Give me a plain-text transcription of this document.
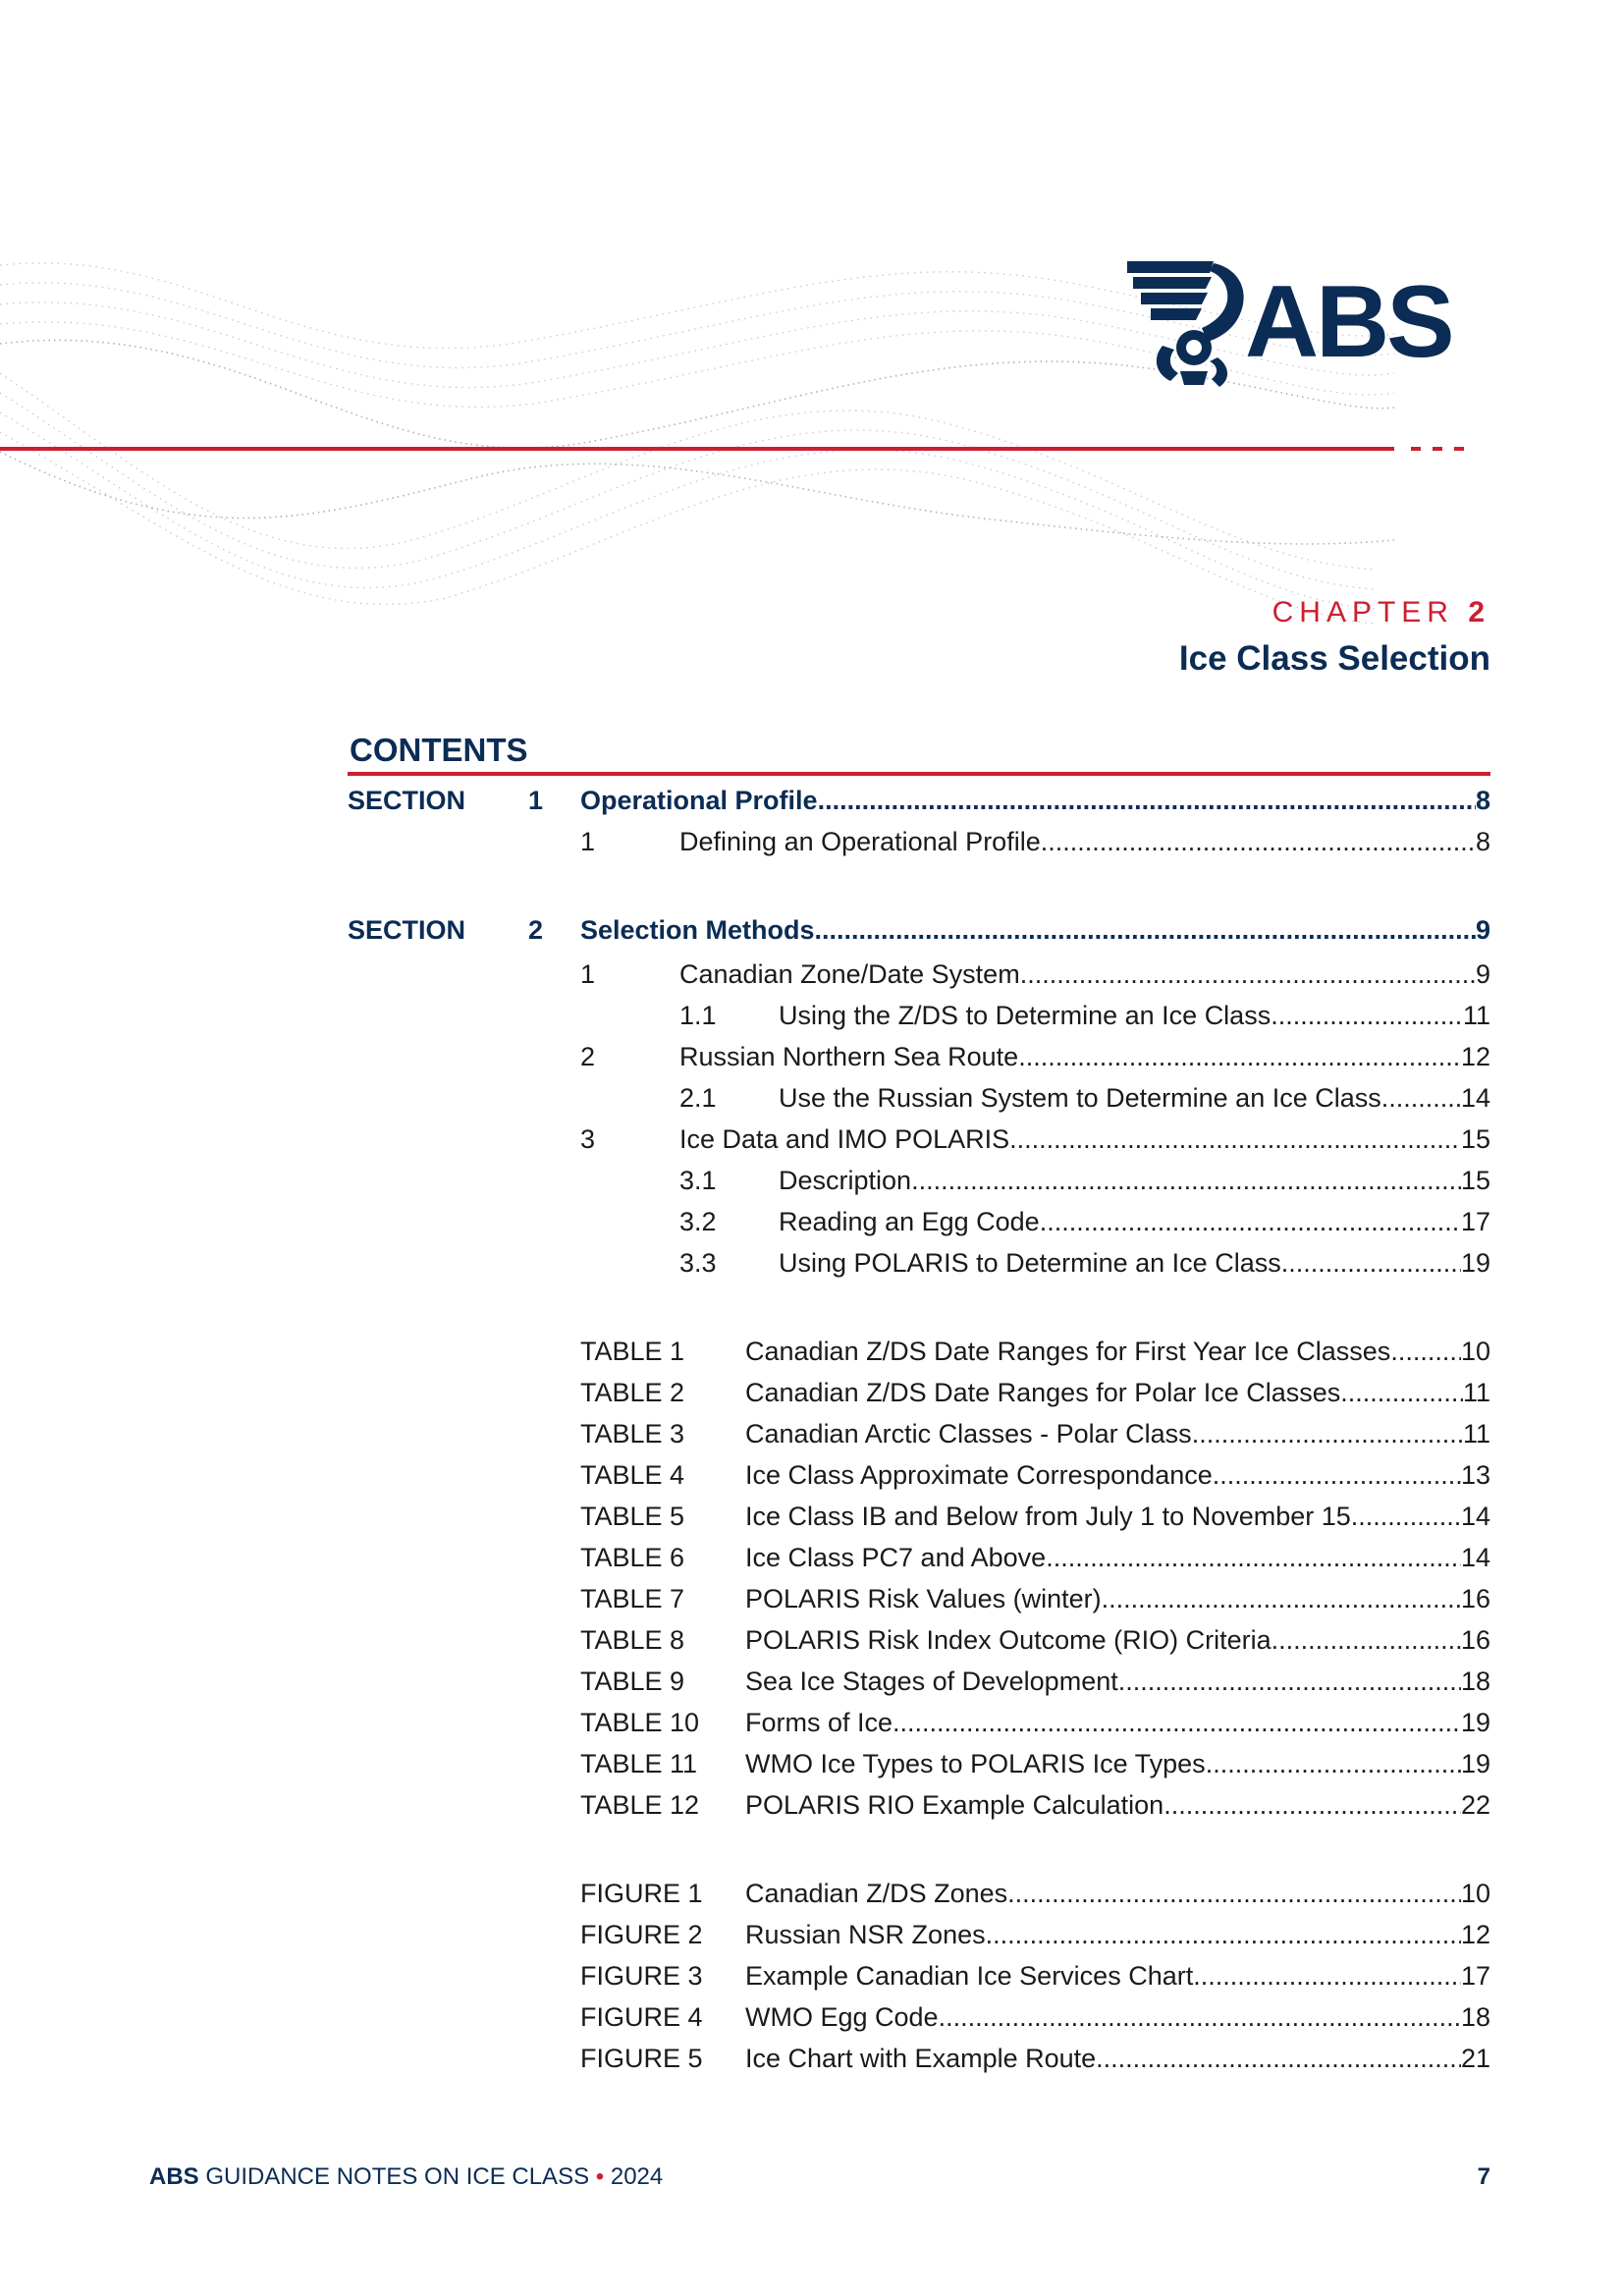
ABS
CHAPTER 2
Ice Class Selection
CONTENTS
SECTION 1 Operational Profile .....	8
1	Defining an Operational Profile .....	8
SECTION 2 Selection Methods .....	9
1	Canadian Zone/Date System .....	9
1.1 Using the Z/DS to Determine an Ice Class .....	11
2	Russian Northern Sea Route .....	12
2.1 Use the Russian System to Determine an Ice Class .....	14
3	Ice Data and IMO POLARIS .....	15
3.1 Description .....	15
3.2 Reading an Egg Code .....	17
3.3 Using POLARIS to Determine an Ice Class .....	19
TABLE 1 Canadian Z/DS Date Ranges for First Year Ice Classes .....	10
TABLE 2 Canadian Z/DS Date Ranges for Polar Ice Classes .....	11
TABLE 3 Canadian Arctic Classes - Polar Class .....	11
TABLE 4 Ice Class Approximate Correspondance .....	13
TABLE 5 Ice Class IB and Below from July 1 to November 15 .....	14
TABLE 6 Ice Class PC7 and Above .....	14
TABLE 7 POLARIS Risk Values (winter) .....	16
TABLE 8 POLARIS Risk Index Outcome (RIO) Criteria .....	16
TABLE 9 Sea Ice Stages of Development .....	18
TABLE 10 Forms of Ice .....	19
TABLE 11 WMO Ice Types to POLARIS Ice Types .....	19
TABLE 12 POLARIS RIO Example Calculation .....	22
FIGURE 1 Canadian Z/DS Zones .....	10
FIGURE 2 Russian NSR Zones .....	12
FIGURE 3 Example Canadian Ice Services Chart .....	17
FIGURE 4 WMO Egg Code .....	18
FIGURE 5 Ice Chart with Example Route .....	21
ABS GUIDANCE NOTES ON ICE CLASS • 2024	7
